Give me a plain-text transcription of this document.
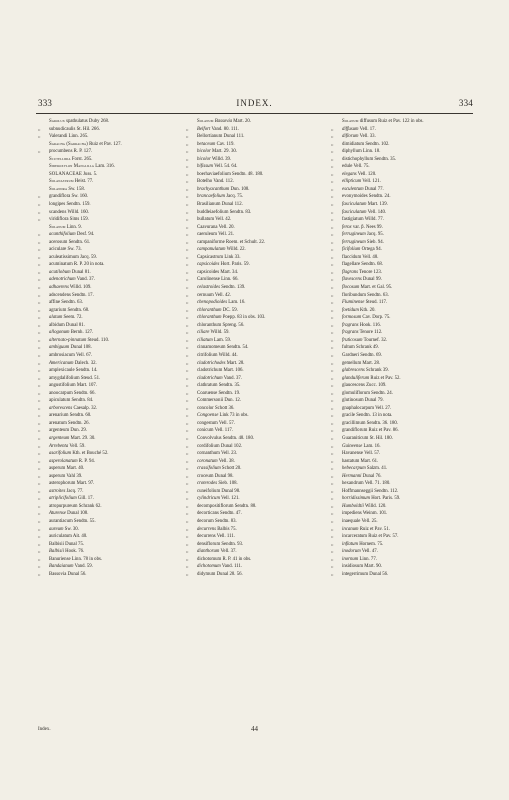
333	INDEX.	334
Sarolux spathulatus Duby 268.
,, subnudicaulis St. Hil. 266.
,, Valerandi Linn. 265.
Saracha (Sarracha) Ruiz et Pav. 127.
,, procumbens R. P. 127.
Scutellidia Forst. 265.
Sideroxylon Manglilla Lam. 316.
SOLANACEAE Juss. 5.
Solanastrum Heist. 77.
Solandra Sw. 158.
,, grandiflora Sw. 160.
,, longipes Sendtn. 159.
,, scandens Willd. 160.
,, viridiflora Sims 159.
Solanum Linn. 9.
,, acanthifolium Desf. 94.
,, acerosum Sendtn. 61.
,, aciculare Sw. 73.
,, aculeatissimum Jacq. 59.
,, acuminatum R. P. 20 in nota.
,, acutilobum Dunal 81.
,, adenotrichum Vand. 37.
,, adhaerens Willd. 109.
,, adscendens Sendtn. 17.
,, affine Sendtn. 63.
,, agrarium Sendtn. 68.
,, alatum Seem. 72.
,, albidum Dunal 81.
,, allogonum Bernh. 127.
,, alternato-pinnatum Steud. 110.
,, ambiguum Dunal 108.
,, ambrosiacum Vell. 67.
,, Americanum Dalech. 32.
,, amplexicaule Sendtn. 14.
,, amygdalifolium Steud. 51.
,, angustifolium Mart. 107.
,, anoocarpum Sendtn. 66.
,, apiculatum Sendtn. 84.
,, arborescens Caesalp. 32.
,, arenarium Sendtn. 60.
,, arenatum Sendtn. 26.
,, argenteum Dun. 29.
,, argenteum Mart. 29. 30.
,, Arrebenta Vell. 59.
,, asarifolium Kth. et Bouché 52.
,, asperolanatum R. P. 94.
,, asperum Mart. 40.
,, asperum Vahl 39.
,, asterophorum Mart. 97.
,, astroites Jacq. 77.
,, atriplicifolium Gill. 17.
,, atropurpureum Schrank 62.
,, Aturense Dunal 108.
,, aurantiacum Sendtn. 55.
,, aureum Sw. 30.
,, auriculatum Ait. 40.
,, Balbisii Dunal 75.
,, Balbisii Hook. 76.
,, Banuriense Linn. 78 in obs.
,, Bandaianum Vand. 59.
,, Bassovia Dunal 56.
Solanum Bassovia Mart. 20.
,, Belfort Vand. 80. 111.
,, Bellortianum Dunal 111.
,, betaceum Cav. 119.
,, bicolor Mart. 29. 30.
,, bicolor Willd. 39.
,, bifissum Vell. 54. 64.
,, boerhaviaefolium Sendtn. 48. 180.
,, Botelho Vand. 112.
,, brachyacanthum Dun. 108.
,, brancaefolium Jacq. 75.
,, Brasilianum Dunal 112.
,, buddleiaefolium Sendtn. 83.
,, bullatum Vell. 42.
,, Caavurana Vell. 20.
,, caeruleum Vell. 21.
,, campaniforme Roem. et Schult. 22.
,, campanulatum Willd. 22.
,, Capsicastrum Link 33.
,, capsicoides Hort. Paris. 59.
,, capsicoides Mart. 34.
,, Carolinense Linn. 66.
,, celastroides Sendtn. 139.
,, cernuum Vell. 42.
,, chenopodioides Lam. 16.
,, chloranthum DC. 59.
,, chloranthum Poepp. 83 in obs. 103.
,, chloranthum Spreng. 56.
,, ciliare Willd. 59.
,, ciliatum Lam. 59.
,, cinnamomeum Sendtn. 54.
,, citrifolium Willd. 44.
,, cladotrichodes Mart. 28.
,, cladotrichum Mart. 106.
,, cladotrichum Vand. 37.
,, clathratum Sendtn. 35.
,, Coaruense Sendtn. 19.
,, Commersonii Dun. 12.
,, concolor Schott 36.
,, Congoense Link 73 in obs.
,, congestum Vell. 57.
,, conicum Vell. 117.
,, Convolvulus Sendtn. 48. 180.
,, cordifolium Dunal 102.
,, cornanthum Vell. 23.
,, coronatum Vell. 38.
,, crassifolium Schott 20.
,, croceum Dunal 98.
,, croterodes Sieb. 108.
,, cuneifolium Dunal 98.
,, cylindricum Vell. 121.
,, decompositiflorum Sendtn. 88.
,, decorticans Sendtn. 47.
,, decorum Sendtn. 83.
,, decurrens Balbis 75.
,, decurrens Vell. 111.
,, densiflorum Sendtn. 93.
,, dianthorum Vell. 37.
,, dichotomum R. P. 41 in obs.
,, dichotomum Vand. 111.
,, didymum Dunal 28. 56.
Solanum diffusum Ruiz et Pav. 122 in obs.
,, diffusum Vell. 17.
,, diflorum Vell. 33.
,, dimidiatum Sendtn. 102.
,, diphyllum Linn. 18.
,, distichophyllum Sendtn. 35.
,, edule Vell. 75.
,, elegans Vell. 120.
,, ellipticum Vell. 121.
,, esculentum Dunal 77.
,, evonymoides Sendtn. 24.
,, fasciculatum Mart. 139.
,, fasciculatum Vell. 140.
,, fastigiatum Willd. 77.
,, ferox var. β. Nees 99.
,, ferrugineum Jacq. 95.
,, ferrugineum Sieb. 94.
,, ficifolium Ortega 94.
,, flaccidum Vell. 48.
,, flagellare Sendtn. 68.
,, flagrans Tenore 123.
,, flavescens Dunal 99.
,, flocosum Mart. et Gal. 95.
,, floribundum Sendtn. 63.
,, Fluminense Steud. 117.
,, foetidum Kth. 20.
,, formosum Cav. Dorp. 75.
,, fragrans Hook. 116.
,, fragrans Tenore 112.
,, fruticosum Tournef. 32.
,, fultum Schrank 49.
,, Gardneri Sendtn. 69.
,, gemellum Mart. 28.
,, glabrescens Schrank 39.
,, glanduliferum Ruiz et Pav. 52.
,, glaucescens Zucc. 109.
,, glomuliflorum Sendtn. 24.
,, glutinosum Dunal 79.
,, gnaphalocarpum Vell. 27.
,, gracile Sendtn. 13 in nota.
,, gracillimum Sendtn. 36. 180.
,, grandiflorum Ruiz et Pav. 86.
,, Guaraniticum St. Hil. 180.
,, Guineense Lam. 16.
,, Havanense Vell. 57.
,, hastatum Mart. 61.
,, hebecarpum Salzm. 41.
,, Hermanni Dunal 76.
,, hexandrum Vell. 71. 180.
,, Hoffmannseggii Sendtn. 112.
,, horridissimum Hort. Paris. 59.
,, Humboldtii Willd. 120.
,, impediens Weinm. 101.
,, inaequale Vell. 25.
,, incanum Ruiz et Pav. 51.
,, incarceratum Ruiz et Pav. 57.
,, inflatum Hornem. 75.
,, inodorum Vell. 47.
,, inornum Linn. 77.
,, insidiosum Mart. 90.
,, integerrimum Dunal 56.
Index.	44
